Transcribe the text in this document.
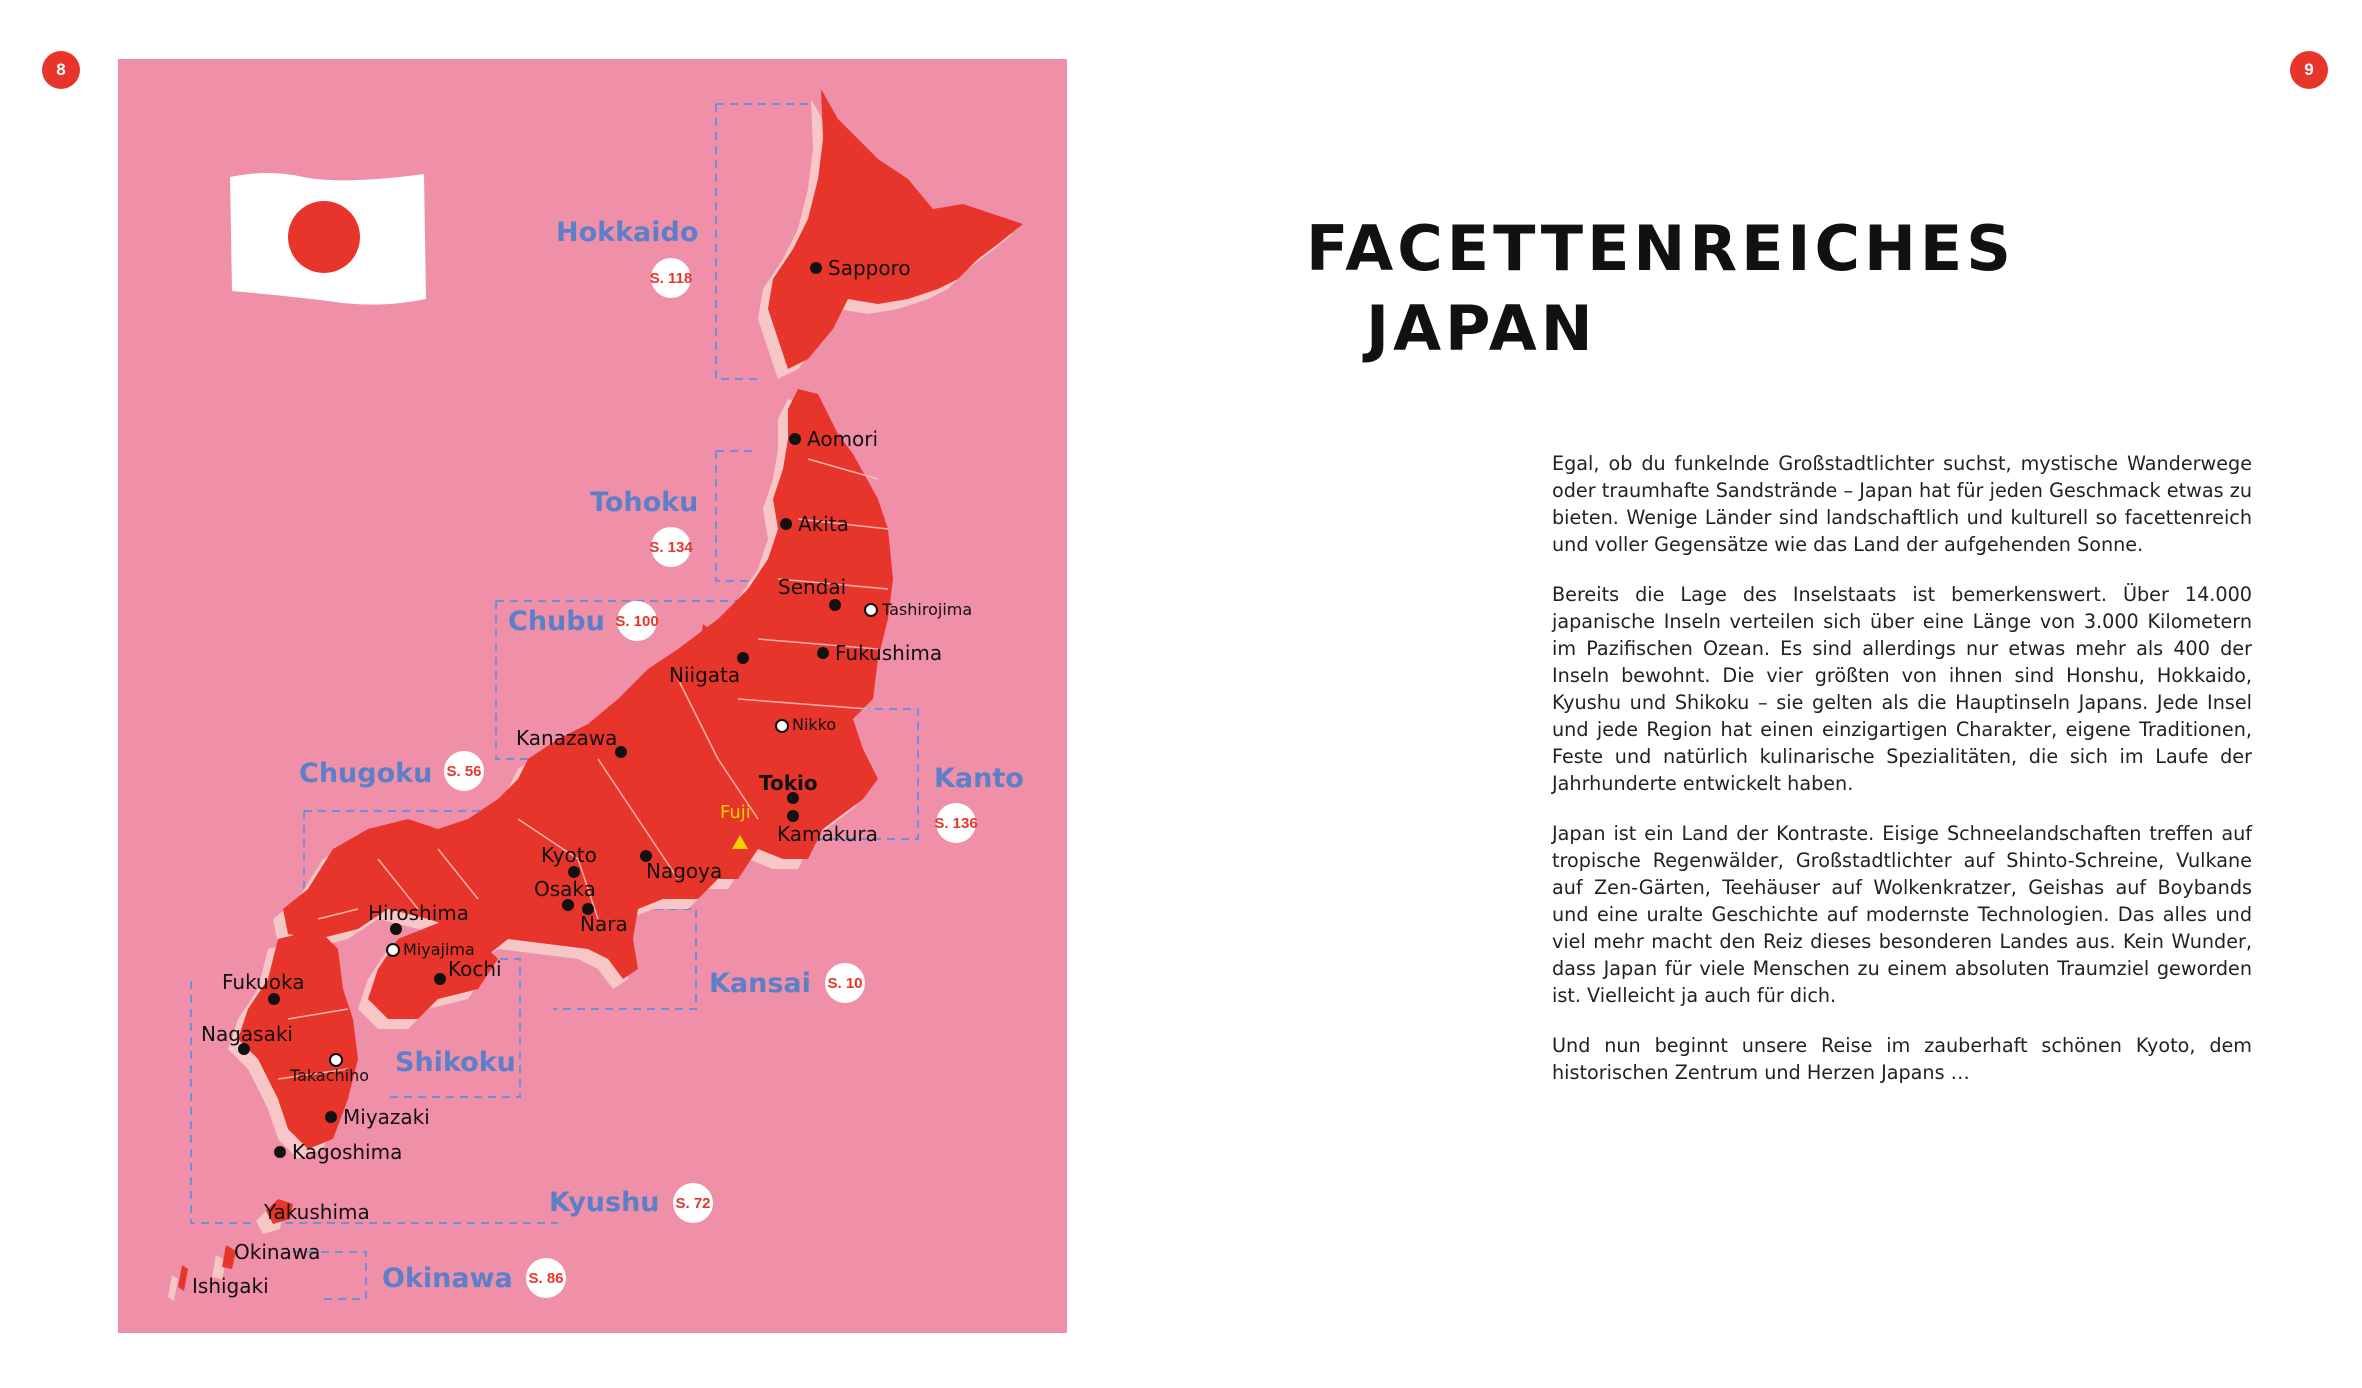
8	9
Fuji
Sapporo
Aomori
Akita
Sendai
Fukushima
Niigata
Kanazawa
Tokio
Kamakura
Nagoya
Kyoto
Osaka
Nara
Hiroshima
Kochi
Fukuoka
Nagasaki
Miyazaki
Kagoshima
Yakushima
Okinawa
Ishigaki
Tashirojima
Nikko
Miyajima
Takachiho
Hokkaido
S. 118
Tohoku
S. 134
Chubu S. 100
Chugoku S. 56	Kanto
S. 136
Kansai S. 10
Shikoku
Kyushu S. 72
Okinawa S. 86
FACETTENREICHES
JAPAN

Egal, ob du funkelnde Großstadtlichter suchst, mystische Wanderwege oder traumhafte Sandstrände – Japan hat für jeden Geschmack etwas zu bieten. Wenige Länder sind landschaftlich und kulturell so facettenreich und voller Gegensätze wie das Land der aufgehenden Sonne.

Bereits die Lage des Inselstaats ist bemerkenswert. Über 14.000 japanische Inseln verteilen sich über eine Länge von 3.000 Kilometern im Pazifischen Ozean. Es sind allerdings nur etwas mehr als 400 der Inseln bewohnt. Die vier größten von ihnen sind Honshu, Hokkaido, Kyushu und Shikoku – sie gelten als die Hauptinseln Japans. Jede Insel und jede Region hat einen einzigartigen Charakter, eigene Traditionen, Feste und natürlich kulinarische Spezialitäten, die sich im Laufe der Jahrhunderte entwickelt haben.

Japan ist ein Land der Kontraste. Eisige Schneelandschaften treffen auf tropische Regenwälder, Großstadtlichter auf Shinto-Schreine, Vulkane auf Zen-Gärten, Teehäuser auf Wolkenkratzer, Geishas auf Boybands und eine uralte Geschichte auf modernste Technologien. Das alles und viel mehr macht den Reiz dieses besonderen Landes aus. Kein Wunder, dass Japan für viele Menschen zu einem absoluten Traumziel geworden ist. Vielleicht ja auch für dich.

Und nun beginnt unsere Reise im zauberhaft schönen Kyoto, dem historischen Zentrum und Herzen Japans …
